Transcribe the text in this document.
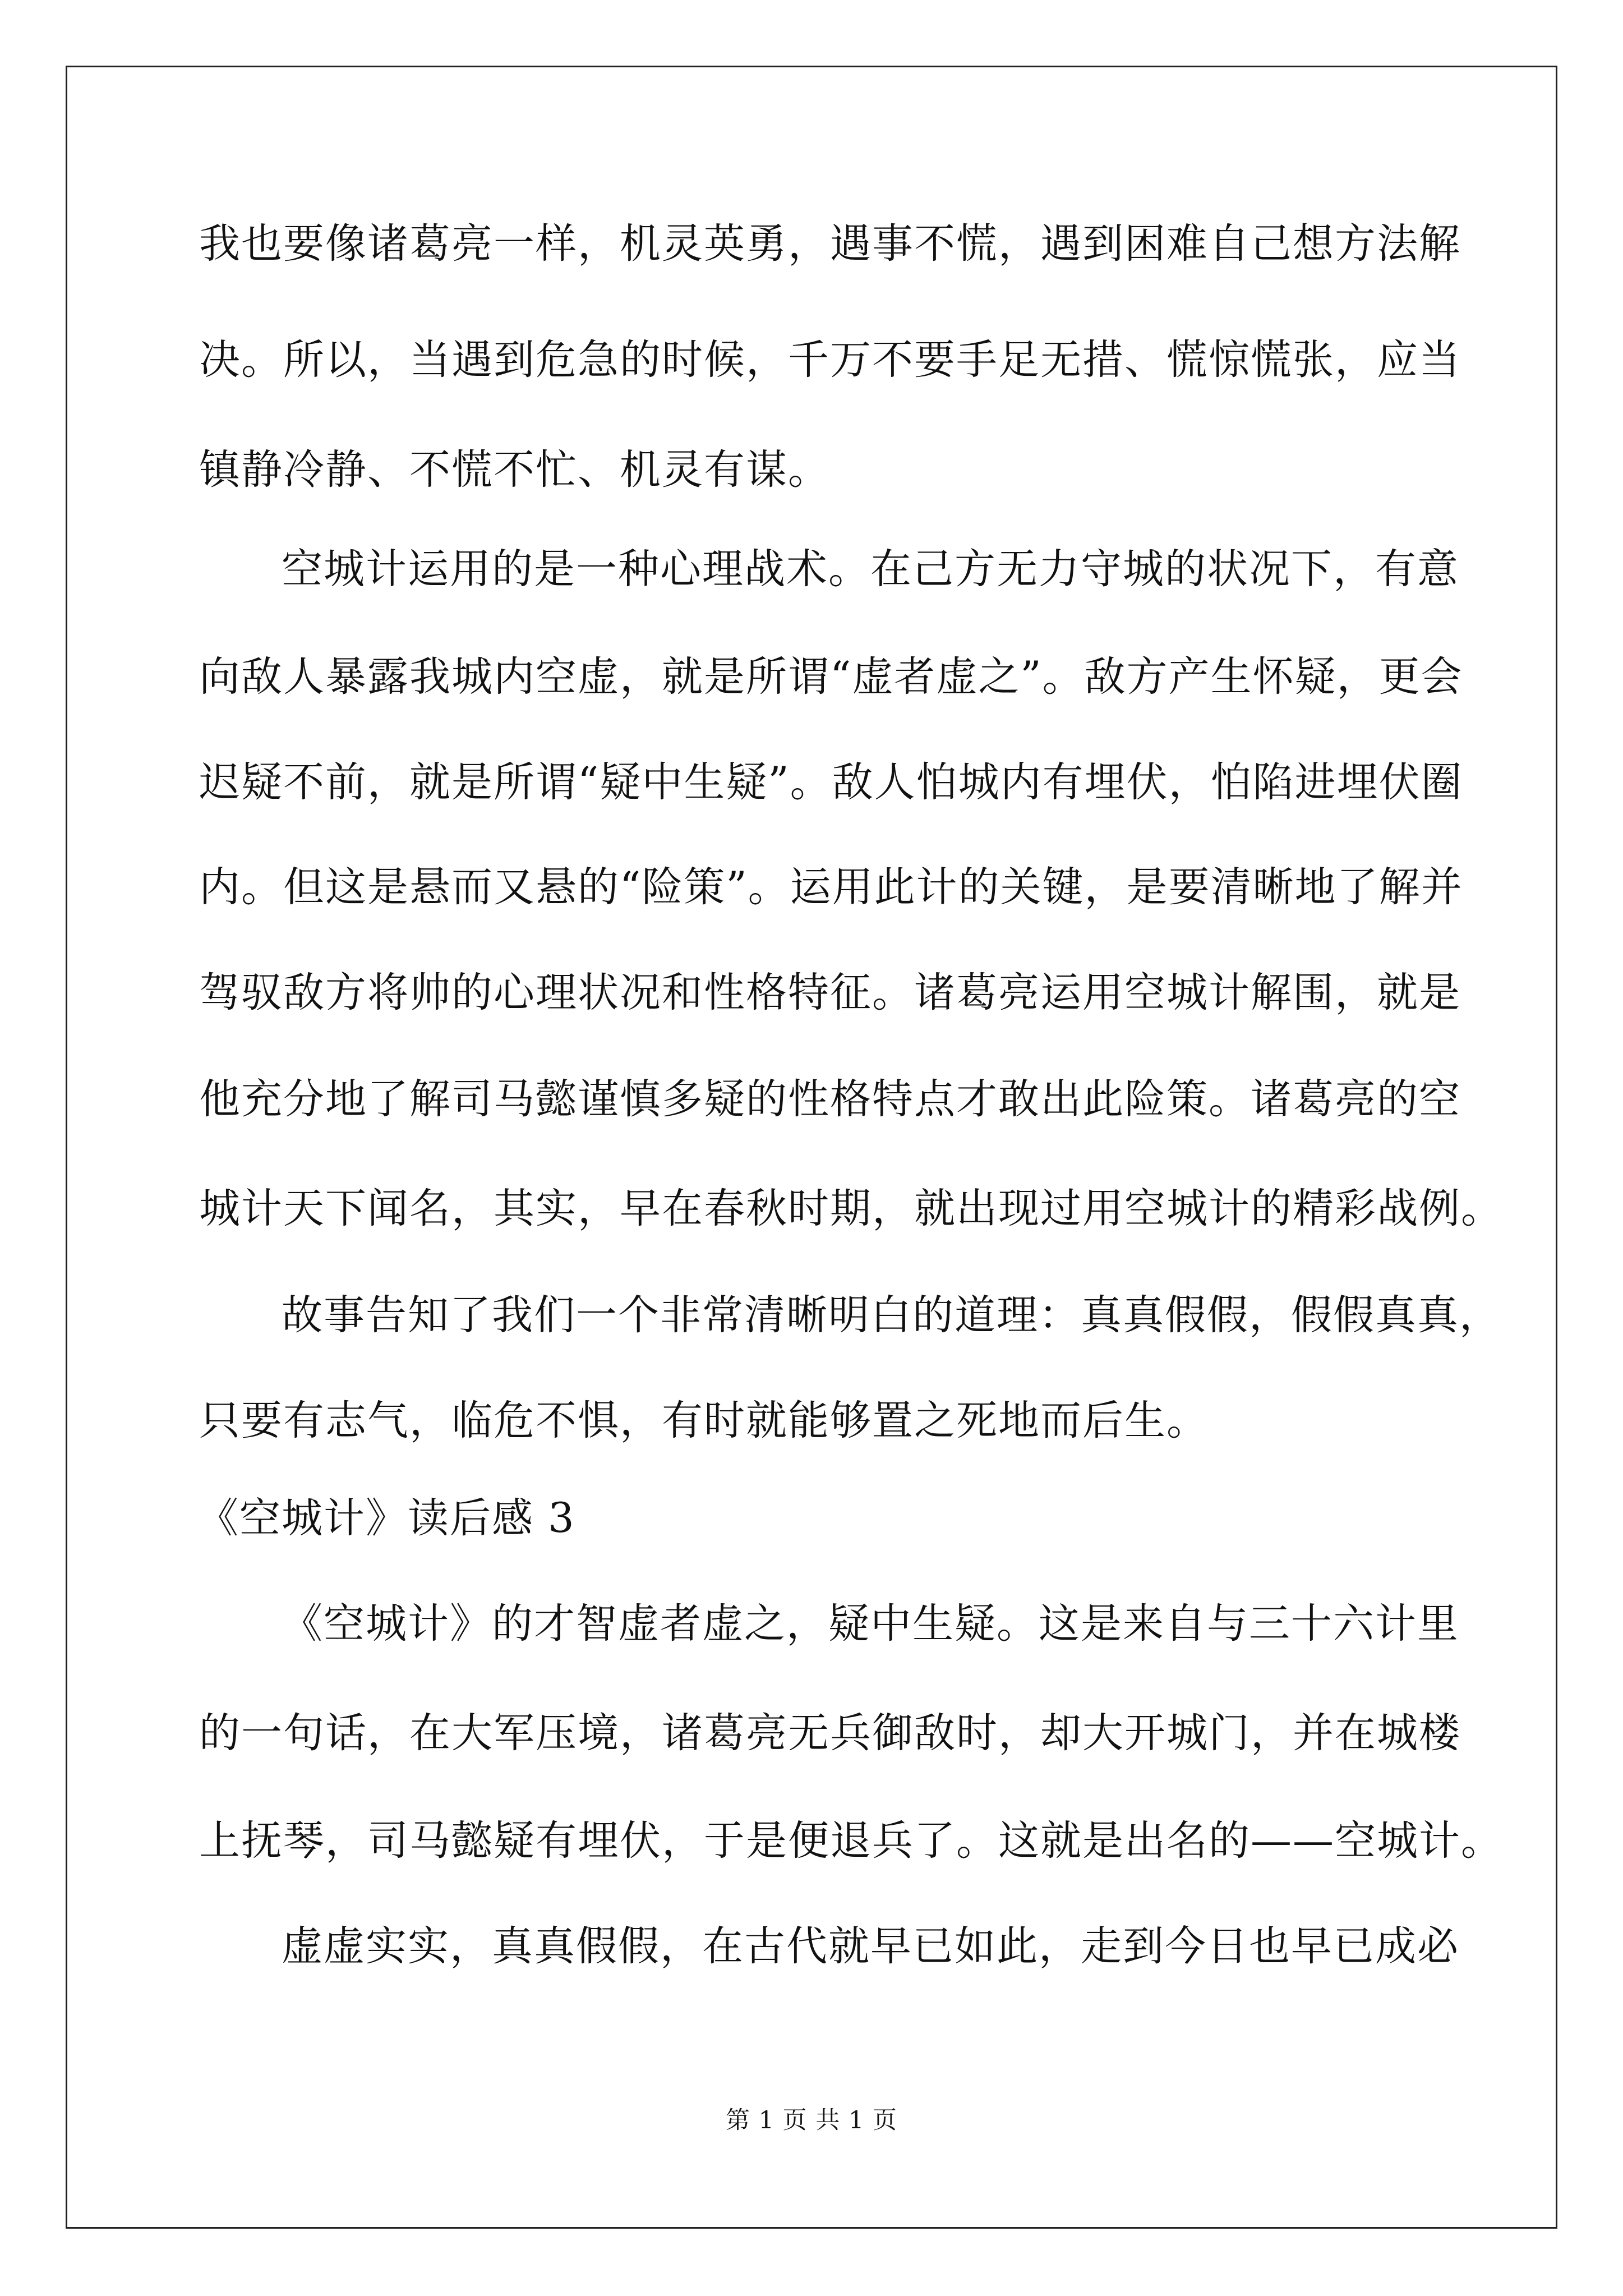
我也要像诸葛亮一样，机灵英勇，遇事不慌，遇到困难自己想方法解
决。所以，当遇到危急的时候，千万不要手足无措、慌惊慌张，应当
镇静冷静、不慌不忙、机灵有谋。
空城计运用的是一种心理战术。在己方无力守城的状况下，有意
向敌人暴露我城内空虚，就是所谓“虚者虚之”。敌方产生怀疑，更会
迟疑不前，就是所谓“疑中生疑”。敌人怕城内有埋伏，怕陷进埋伏圈
内。但这是悬而又悬的“险策”。运用此计的关键，是要清晰地了解并
驾驭敌方将帅的心理状况和性格特征。诸葛亮运用空城计解围，就是
他充分地了解司马懿谨慎多疑的性格特点才敢出此险策。诸葛亮的空
城计天下闻名，其实，早在春秋时期，就出现过用空城计的精彩战例。
故事告知了我们一个非常清晰明白的道理：真真假假，假假真真，
只要有志气，临危不惧，有时就能够置之死地而后生。
《空城计》读后感 3
《空城计》的才智虚者虚之，疑中生疑。这是来自与三十六计里
的一句话，在大军压境，诸葛亮无兵御敌时，却大开城门，并在城楼
上抚琴，司马懿疑有埋伏，于是便退兵了。这就是出名的——空城计。
虚虚实实，真真假假，在古代就早已如此，走到今日也早已成必
第 1 页 共 1 页
